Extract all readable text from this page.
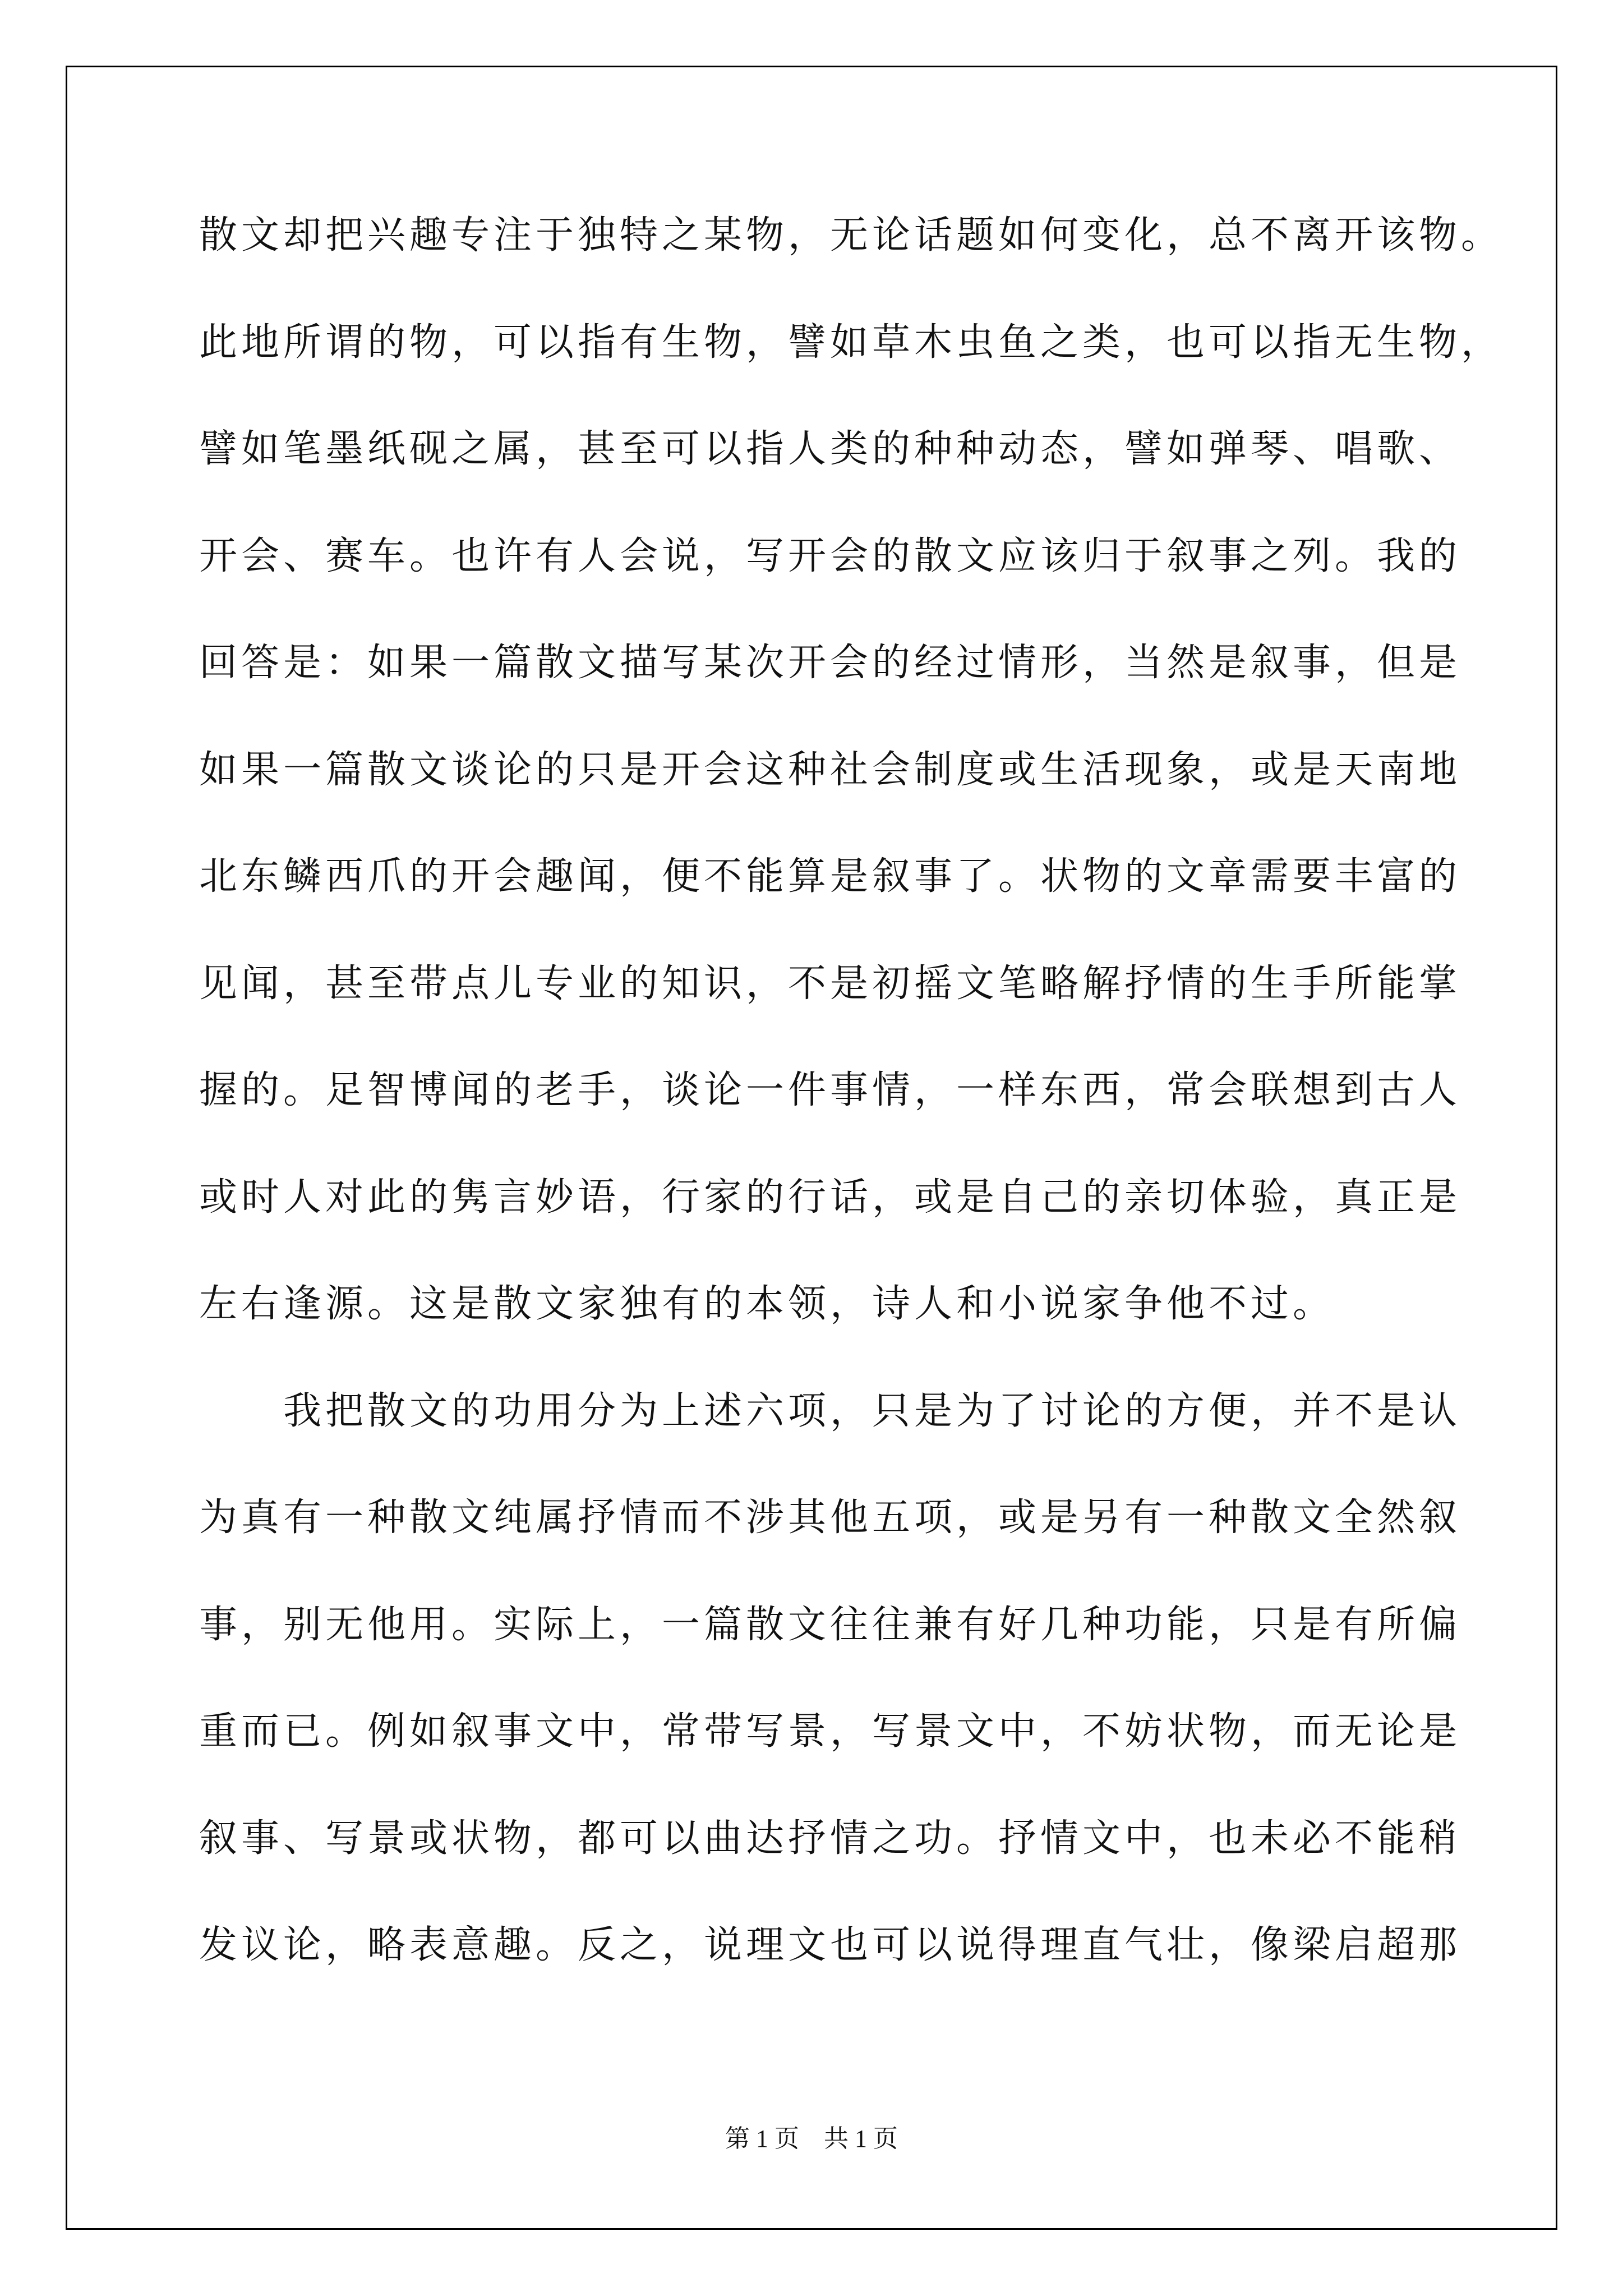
散文却把兴趣专注于独特之某物，无论话题如何变化，总不离开该物。
此地所谓的物，可以指有生物，譬如草木虫鱼之类，也可以指无生物，
譬如笔墨纸砚之属，甚至可以指人类的种种动态，譬如弹琴、唱歌、
开会、赛车。也许有人会说，写开会的散文应该归于叙事之列。我的
回答是：如果一篇散文描写某次开会的经过情形，当然是叙事，但是
如果一篇散文谈论的只是开会这种社会制度或生活现象，或是天南地
北东鳞西爪的开会趣闻，便不能算是叙事了。状物的文章需要丰富的
见闻，甚至带点儿专业的知识，不是初摇文笔略解抒情的生手所能掌
握的。足智博闻的老手，谈论一件事情，一样东西，常会联想到古人
或时人对此的隽言妙语，行家的行话，或是自己的亲切体验，真正是
左右逢源。这是散文家独有的本领，诗人和小说家争他不过。
　　我把散文的功用分为上述六项，只是为了讨论的方便，并不是认
为真有一种散文纯属抒情而不涉其他五项，或是另有一种散文全然叙
事，别无他用。实际上，一篇散文往往兼有好几种功能，只是有所偏
重而已。例如叙事文中，常带写景，写景文中，不妨状物，而无论是
叙事、写景或状物，都可以曲达抒情之功。抒情文中，也未必不能稍
发议论，略表意趣。反之，说理文也可以说得理直气壮，像梁启超那
第 1 页　共 1 页
